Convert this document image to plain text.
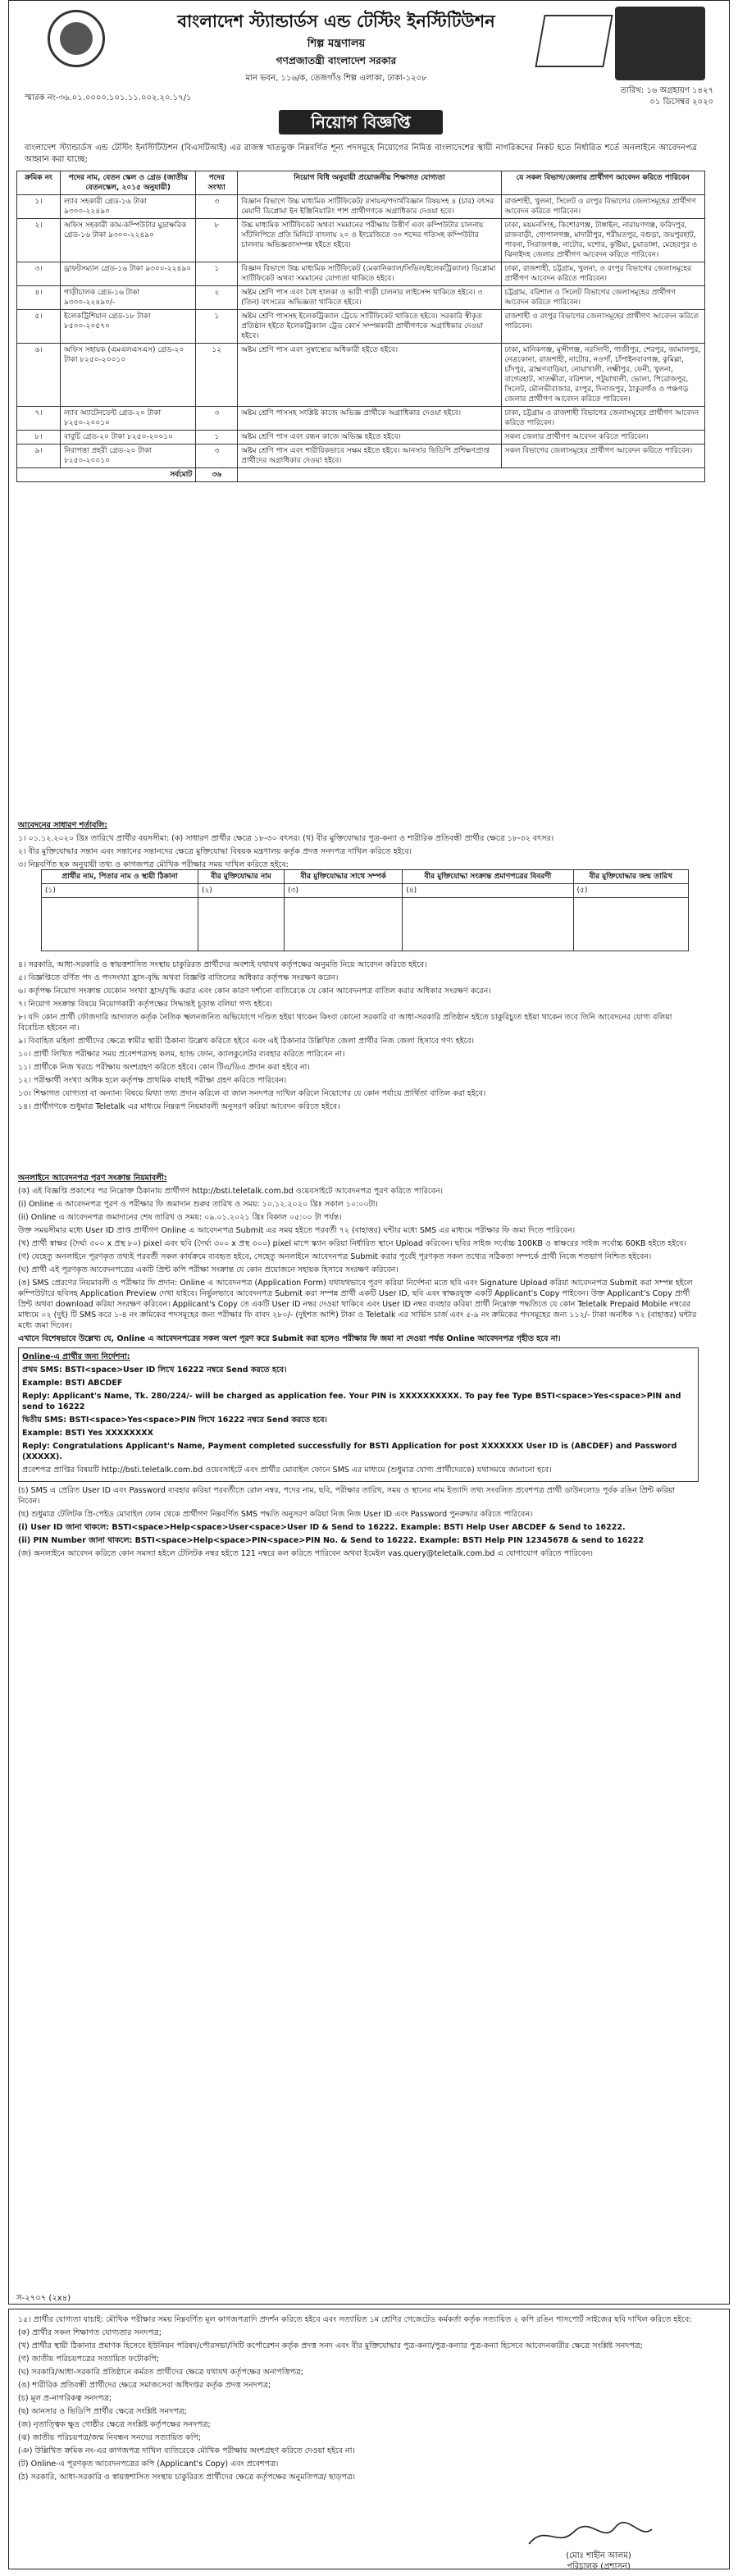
বাংলাদেশ স্ট্যান্ডার্ডস এন্ড টেস্টিং ইনস্টিটিউশন
শিল্প মন্ত্রণালয়
গণপ্রজাতন্ত্রী বাংলাদেশ সরকার
মান ভবন, ১১৬/ক, তেজগাঁও শিল্প এলাকা, ঢাকা-১২০৮
স্মারক নং-৩৬.০১.০০০০.১০১.১১.০০২.২০.১৭/১
তারিখ: ১৬ অগ্রহায়ণ ১৪২৭
০১ ডিসেম্বর ২০২০
নিয়োগ বিজ্ঞপ্তি
বাংলাদেশ স্ট্যান্ডার্ডস এন্ড টেস্টিং ইনস্টিটিউশন (বিএসটিআই) এর রাজস্ব খাতভুক্ত নিম্নবর্ণিত শূন্য পদসমূহে নিয়োগের নিমিত্ত বাংলাদেশের স্থায়ী নাগরিকদের নিকট হতে নির্ধারিত শর্তে অনলাইনে আবেদনপত্র আহ্বান করা যাচ্ছে:
ক্রমিক নং	পদের নাম, বেতন স্কেল ও গ্রেড (জাতীয় বেতনস্কেল, ২০১৫ অনুযায়ী)	পদের সংখ্যা	নিয়োগ বিধি অনুযায়ী প্রয়োজনীয় শিক্ষাগত যোগ্যতা	যে সকল বিভাগ/জেলার প্রার্থীগণ আবেদন করিতে পারিবেন
১।	ল্যাব সহকারী গ্রেড-১৬ টাকা ৯৩০০-২২৪৯০	৩	বিজ্ঞান বিভাগে উচ্চ মাধ্যমিক সার্টিফিকেট/ রসায়ন/পদার্থবিজ্ঞান বিষয়সহ ৪ (চার) বৎসর মেয়াদী ডিপ্লোমা ইন ইঞ্জিনিয়ারিং পাশ প্রার্থীগণকে অগ্রাধিকার দেওয়া হবে।	রাজশাহী, খুলনা, সিলেট ও রংপুর বিভাগের জেলাসমূহের প্রার্থীগণ আবেদন করিতে পারিবেন।
২।	অফিস সহকারী কাম-কম্পিউটার মুদ্রাক্ষরিক গ্রেড-১৬ টাকা ৯৩০০-২২৪৯০	৮	উচ্চ মাধ্যমিক সার্টিফিকেট অথবা সমমানের পরীক্ষায় উত্তীর্ণ এবং কম্পিউটার চালনায় সাঁটলিপিতে প্রতি মিনিটে বাংলায় ২০ ও ইংরেজিতে ৩০ শব্দের গতিসহ কম্পিউটার চালনায় অভিজ্ঞতাসম্পন্ন হইতে হইবে।	ঢাকা, ময়মনসিংহ, কিশোরগঞ্জ, টাঙ্গাইল, নারায়ণগঞ্জ, ফরিদপুর, রাজবাড়ী, গোপালগঞ্জ, মাদারীপুর, শরীয়তপুর, বগুড়া, জয়পুরহাট, পাবনা, সিরাজগঞ্জ, নাটোর, যশোর, কুষ্টিয়া, চুয়াডাঙ্গা, মেহেরপুর ও ঝিনাইদহ জেলার প্রার্থীগণ আবেদন করিতে পারিবেন।
৩।	ড্রাফটসম্যান গ্রেড-১৬ টাকা ৯৩০০-২২৪৯০	১	বিজ্ঞান বিভাগে উচ্চ মাধ্যমিক সার্টিফিকেট (মেকানিক্যাল/সিভিল/ইলেকট্রিক্যাল) ডিপ্লোমা সার্টিফিকেট অথবা সমমানের যোগ্যতা থাকিতে হইবে।	ঢাকা, রাজশাহী, চট্টগ্রাম, খুলনা, ও রংপুর বিভাগের জেলাসমূহের প্রার্থীগণ আবেদন করিতে পারিবেন।
৪।	গাড়ীচালক গ্রেড-১৬ টাকা ৯৩০০-২২৪৯০/-	২	অষ্টম শ্রেণি পাস এবং বৈধ হালকা ও ভারী গাড়ী চালনার লাইসেন্স থাকিতে হইবে। ৩ (তিন) বৎসরের অভিজ্ঞতা থাকিতে হইবে।	চট্টগ্রাম, বরিশাল ও সিলেট বিভাগের জেলাসমূহের প্রার্থীগণ আবেদন করিতে পারিবেন।
৫।	ইলেকট্রিশিয়ান গ্রেড-১৮ টাকা ৮৫০০-২০৫৭০	১	অষ্টম শ্রেণি পাসসহ ইলেকট্রিক্যাল ট্রেডে সার্টিফিকেট থাকিতে হইবে। সরকারি স্বীকৃত প্রতিষ্ঠান হইতে ইলেকট্রিক্যাল ট্রেড কোর্স সম্পন্নকারী প্রার্থীগণকে অগ্রাধিকার দেওয়া হইবে।	রাজশাহী ও রংপুর বিভাগের জেলাসমূহের প্রার্থীগণ আবেদন করিতে পারিবেন।
৬।	অফিস সহায়ক (এমএলএসএস) গ্রেড-২০ টাকা ৮২৫০-২০০১০	১২	অষ্টম শ্রেণি পাস এবং সুস্বাস্থ্যের অধিকারী হইতে হইবে।	ঢাকা, মানিকগঞ্জ, মুন্সীগঞ্জ, নরসিংদী, গাজীপুর, শেরপুর, জামালপুর, নেত্রকোনা, রাজশাহী, নাটোর, নওগাঁ, চাঁপাইনবাবগঞ্জ, কুমিল্লা, চাঁদপুর, ব্রাহ্মণবাড়িয়া, নোয়াখালী, লক্ষ্মীপুর, ফেনী, খুলনা, বাগেরহাট, সাতক্ষীরা, বরিশাল, পটুয়াখালী, ভোলা, পিরোজপুর, সিলেট, মৌলভীবাজার, রংপুর, দিনাজপুর, ঠাকুরগাঁও ও পঞ্চগড় জেলার প্রার্থীগণ আবেদন করিতে পারিবেন।
৭।	ল্যাব অ্যাটেনডেন্ট গ্রেড-২০ টাকা ৮২৫০-২০০১০	৩	অষ্টম শ্রেণি পাসসহ সংশ্লিষ্ট কাজে অভিজ্ঞ প্রার্থীকে অগ্রাধিকার দেওয়া হইবে।	ঢাকা, চট্টগ্রাম ও রাজশাহী বিভাগের জেলাসমূহের প্রার্থীগণ আবেদন করিতে পারিবেন।
৮।	বাবুর্চি গ্রেড-২০ টাকা ৮২৫০-২০০১০	১	অষ্টম শ্রেণি পাস এবং রন্ধন কাজে অভিজ্ঞ হইতে হইবে।	সকল জেলার প্রার্থীগণ আবেদন করিতে পারিবেন।
৯।	নিরাপত্তা প্রহরী গ্রেড-২০ টাকা ৮২৫০-২০০১০	৩	অষ্টম শ্রেণি পাস এবং শারীরিকভাবে সক্ষম হইতে হইবে। আনসার ভিডিপি প্রশিক্ষণপ্রাপ্ত প্রার্থীদের অগ্রাধিকার দেওয়া হইবে।	সকল বিভাগের জেলাসমূহের প্রার্থীগণ আবেদন করিতে পারিবেন।
সর্বমোট		৩৬		

আবেদনের সাধারণ শর্তাবলি:

১। ০১.১২.২০২০ খ্রিঃ তারিখে প্রার্থীর বয়সসীমা: (ক) সাধারণ প্রার্থীর ক্ষেত্রে ১৮-৩০ বৎসর। (খ) বীর মুক্তিযোদ্ধার পুত্র-কন্যা ও শারীরিক প্রতিবন্ধী প্রার্থীর ক্ষেত্রে ১৮-৩২ বৎসর।

২। বীর মুক্তিযোদ্ধার সন্তান এবং সন্তানের সন্তানদের ক্ষেত্রে মুক্তিযোদ্ধা বিষয়ক মন্ত্রণালয় কর্তৃক প্রদত্ত সনদপত্র দাখিল করিতে হইবে।

৩। নিম্নবর্ণিত ছক অনুযায়ী তথ্য ও কাগজপত্র মৌখিক পরীক্ষার সময় দাখিল করিতে হইবে:

প্রার্থীর নাম, পিতার নাম ও স্থায়ী ঠিকানা	বীর মুক্তিযোদ্ধার নাম	বীর মুক্তিযোদ্ধার সাথে সম্পর্ক	বীর মুক্তিযোদ্ধা সংক্রান্ত প্রমাণপত্রের বিবরণী	বীর মুক্তিযোদ্ধার জন্ম তারিখ
(১)	(২)	(৩)	(৪)	(৫)

৪। সরকারি, আধা-সরকারি ও স্বায়ত্তশাসিত সংস্থায় চাকুরিরত প্রার্থীদের অবশ্যই যথাযথ কর্তৃপক্ষের অনুমতি নিয়ে আবেদন করিতে হইবে।

৫। বিজ্ঞপ্তিতে বর্ণিত পদ ও পদসংখ্যা হ্রাস-বৃদ্ধি অথবা বিজ্ঞপ্তি বাতিলের অধিকার কর্তৃপক্ষ সংরক্ষণ করেন।

৬। কর্তৃপক্ষ নিয়োগ সংক্রান্ত যেকোন সংখ্যা হ্রাস/বৃদ্ধি করার এবং কোন কারণ দর্শানো ব্যতিরেকে যে কোন আবেদনপত্র বাতিল করার অধিকার সংরক্ষণ করেন।

৭। নিয়োগ সংক্রান্ত বিষয়ে নিয়োগকারী কর্তৃপক্ষের সিদ্ধান্তই চূড়ান্ত বলিয়া গণ্য হইবে।

৮। যদি কোন প্রার্থী ফৌজদারি আদালত কর্তৃক নৈতিক স্খলনজনিত অভিযোগে দণ্ডিত হইয়া থাকেন কিংবা কোনো সরকারি বা আধা-সরকারি প্রতিষ্ঠান হইতে চাকুরিচ্যুত হইয়া থাকেন তবে তিনি আবেদনের যোগ্য বলিয়া বিবেচিত হইবেন না।

৯। বিবাহিত মহিলা প্রার্থীদের ক্ষেত্রে স্বামীর স্থায়ী ঠিকানা উল্লেখ করিতে হইবে এবং এই ঠিকানার উল্লিখিত জেলা প্রার্থীর নিজ জেলা হিসাবে গণ্য হইবে।

১০। প্রার্থী লিখিত পরীক্ষার সময় প্রবেশপত্রসহ কলম, হ্যান্ড ফোন, ক্যালকুলেটর ব্যবহার করিতে পারিবেন না।

১১। প্রার্থীকে নিজ খরচে পরীক্ষায় অংশগ্রহণ করিতে হইবে। কোন টিএ/ডিএ প্রদান করা হইবে না।

১২। পরীক্ষার্থী সংখ্যা অধিক হলে কর্তৃপক্ষ প্রাথমিক বাছাই পরীক্ষা গ্রহণ করিতে পারিবেন।

১৩। শিক্ষাগত যোগ্যতা বা অন্যান্য বিষয়ে মিথ্যা তথ্য প্রদান করিলে বা জাল সনদপত্র দাখিল করিলে নিয়োগের যে কোন পর্যায়ে প্রার্থিতা বাতিল করা হইবে।

১৪। প্রার্থীগণকে শুধুমাত্র Teletalk এর মাধ্যমে নিম্নরূপ নিয়মাবলী অনুসরণ করিয়া আবেদন করিতে হইবে।

অনলাইনে আবেদনপত্র পূরণ সংক্রান্ত নিয়মাবলী:

(ক) এই বিজ্ঞপ্তি প্রকাশের পর নিম্নোক্ত ঠিকানায় প্রার্থীগণ http://bsti.teletalk.com.bd ওয়েবসাইটে আবেদনপত্র পূরণ করিতে পারিবেন।

(i) Online এ আবেদনপত্র পূরণ ও পরীক্ষার ফি জমাদান শুরুর তারিখ ও সময়: ১০.১২.২০২০ খ্রিঃ সকাল ১০:০০টা।

(ii) Online এ আবেদনপত্র জমাদানের শেষ তারিখ ও সময়: ০৯.০১.২০২১ খ্রিঃ বিকাল ০৫:০০ টা পর্যন্ত।

উক্ত সময়সীমার মধ্যে User ID প্রাপ্ত প্রার্থীগণ Online এ আবেদনপত্র Submit এর সময় হইতে পরবর্তী ৭২ (বাহাত্তর) ঘন্টার মধ্যে SMS এর মাধ্যমে পরীক্ষার ফি জমা দিতে পারিবেন।

(খ) প্রার্থী স্বাক্ষর (দৈর্ঘ্য ৩০০ x প্রস্থ ৮০) pixel এবং ছবি (দৈর্ঘ্য ৩০০ x প্রস্থ ৩০০) pixel মাপে স্ক্যান করিয়া নির্ধারিত স্থানে Upload করিবেন। ছবির সাইজ সর্বোচ্চ 100KB ও স্বাক্ষরের সাইজ সর্বোচ্চ 60KB হইতে হইবে।

(গ) যেহেতু অনলাইনে পূরণকৃত তথ্যই পরবর্তী সকল কার্যক্রমে ব্যবহৃত হইবে, সেহেতু অনলাইনে আবেদনপত্র Submit করার পূর্বেই পূরণকৃত সকল তথ্যের সঠিকতা সম্পর্কে প্রার্থী নিজে শতভাগ নিশ্চিত হইবেন।

(ঘ) প্রার্থী এই পূরণকৃত আবেদনপত্রের একটি প্রিন্ট কপি পরীক্ষা সংক্রান্ত যে কোন প্রয়োজনে সহায়ক হিসাবে সংরক্ষণ করিবেন।

(ঙ) SMS প্রেরণের নিয়মাবলী ও পরীক্ষার ফি প্রদান: Online এ আবেদনপত্র (Application Form) যথাযথভাবে পূরণ করিয়া নির্দেশনা মতে ছবি এবং Signature Upload করিয়া আবেদনপত্র Submit করা সম্পন্ন হইলে কম্পিউটারে ছবিসহ Application Preview দেখা যাইবে। নির্ভুলভাবে আবেদনপত্র Submit করা সম্পন্ন প্রার্থী একটি User ID, ছবি এবং স্বাক্ষরযুক্ত একটি Applicant's Copy পাইবেন। উক্ত Applicant's Copy প্রার্থী প্রিন্ট অথবা download করিয়া সংরক্ষণ করিবেন। Applicant's Copy তে একটি User ID নম্বর দেওয়া থাকিবে এবং User ID নম্বর ব্যবহার করিয়া প্রার্থী নিম্নোক্ত পদ্ধতিতে যে কোন Teletalk Prepaid Mobile নম্বরের মাধ্যমে ০২ (দুই) টি SMS করে ১-৪ নং ক্রমিকের পদসমূহের জন্য পরীক্ষার ফি বাবদ ২৮০/- (দুইশত আশি) টাকা ও Teletalk এর সার্ভিস চার্জ এবং ৫-৯ নং ক্রমিকের পদসমূহের জন্য ১১২/- টাকা অনধিক ৭২ (বাহাত্তর) ঘন্টার মধ্যে জমা দিবেন।

এখানে বিশেষভাবে উল্লেখ্য যে, Online এ আবেদনপত্রের সকল অংশ পূরণ করে Submit করা হলেও পরীক্ষার ফি জমা না দেওয়া পর্যন্ত Online আবেদনপত্র গৃহীত হবে না।

Online-এ প্রার্থীর জন্য নির্দেশনা:

প্রথম SMS: BSTI<space>User ID লিখে 16222 নম্বরে Send করতে হবে।

Example: BSTI ABCDEF

Reply: Applicant's Name, Tk. 280/224/- will be charged as application fee. Your PIN is XXXXXXXXXX. To pay fee Type BSTI<space>Yes<space>PIN and send to 16222

দ্বিতীয় SMS: BSTI<space>Yes<space>PIN লিখে 16222 নম্বরে Send করতে হবে।

Example: BSTI Yes XXXXXXXX

Reply: Congratulations Applicant's Name, Payment completed successfully for BSTI Application for post XXXXXXX User ID is (ABCDEF) and Password (XXXXX).

প্রবেশপত্র প্রাপ্তির বিষয়টি http://bsti.teletalk.com.bd ওয়েবসাইটে এবং প্রার্থীর মোবাইল ফোনে SMS এর মাধ্যমে (শুধুমাত্র যোগ্য প্রার্থীদেরকে) যথাসময়ে জানানো হবে।

(চ) SMS এ প্রেরিত User ID এবং Password ব্যবহার করিয়া পরবর্তীতে রোল নম্বর, পদের নাম, ছবি, পরীক্ষার তারিখ, সময় ও স্থানের নাম ইত্যাদি তথ্য সংবলিত প্রবেশপত্র প্রার্থী ডাউনলোড পূর্বক রঙিন প্রিন্ট করিয়া নিবেন।

(ছ) শুধুমাত্র টেলিটক প্রি-পেইড মোবাইল ফোন থেকে প্রার্থীগণ নিম্নবর্ণিত SMS পদ্ধতি অনুসরণ করিয়া নিজ নিজ User ID এবং Password পুনরুদ্ধার করিতে পারিবেন।

(i) User ID জানা থাকলে: BSTI<space>Help<space>User<space>User ID & Send to 16222. Example: BSTI Help User ABCDEF & Send to 16222.

(ii) PIN Number জানা থাকলে: BSTI<space>Help<space>PIN<space>PIN No. & Send to 16222. Example: BSTI Help PIN 12345678 & send to 16222

(জ) অনলাইনে আবেদন করিতে কোন সমস্যা হইলে টেলিটক নম্বর হইতে 121 নম্বরে কল করিতে পারিবেন অথবা ইমেইল vas.query@teletalk.com.bd এ যোগাযোগ করিতে পারিবেন।

স-২৭০৭ (২x৪)

১৫। প্রার্থীর যোগ্যতা যাচাই: মৌখিক পরীক্ষার সময় নিম্নবর্ণিত মূল কাগজপত্রাদি প্রদর্শন করিতে হইবে এবং সত্যায়িত ১ম শ্রেণির গেজেটেড কর্মকর্তা কর্তৃক সত্যায়িত ২ কপি রঙিন পাসপোর্ট সাইজের ছবি দাখিল করিতে হইবে:

(ক) প্রার্থীর সকল শিক্ষাগত যোগ্যতার সনদপত্র;

(খ) প্রার্থীর স্থায়ী ঠিকানার প্রমাণক হিসেবে ইউনিয়ন পরিষদ/পৌরসভা/সিটি কর্পোরেশন কর্তৃক প্রদত্ত সনদ এবং বীর মুক্তিযোদ্ধার পুত্র-কন্যা/পুত্র-কন্যার পুত্র-কন্যা হিসেবে আবেদনকারীর ক্ষেত্রে সংশ্লিষ্ট সনদপত্র;

(গ) জাতীয় পরিচয়পত্রের সত্যায়িত ফটোকপি;

(ঘ) সরকারি/আধা-সরকারি প্রতিষ্ঠানে কর্মরত প্রার্থীদের ক্ষেত্রে যথাযথ কর্তৃপক্ষের অনাপত্তিপত্র;

(ঙ) শারীরিক প্রতিবন্ধী প্রার্থীদের ক্ষেত্রে সমাজসেবা অধিদপ্তর কর্তৃক প্রদত্ত সনদপত্র;

(চ) মূল প্র-নাগরিকত্ব সনদপত্র;

(ছ) আনসার ও ভিডিপি প্রার্থীর ক্ষেত্রে সংশ্লিষ্ট সনদপত্র;

(জ) নৃতাত্ত্বিক ক্ষুদ্র গোষ্ঠীর ক্ষেত্রে সংশ্লিষ্ট কর্তৃপক্ষের সনদপত্র;

(ঝ) জাতীয় পরিচয়পত্র/জন্ম নিবন্ধন সনদের সত্যায়িত কপি;

(ঞ) উল্লিখিত ক্রমিক নং-এর কাগজপত্র দাখিল ব্যতিরেকে মৌখিক পরীক্ষায় অংশগ্রহণ করিতে দেওয়া হইবে না।

(ট) Online-এ পূরণকৃত আবেদনপত্রের কপি (Applicant's Copy) এবং প্রবেশপত্র।

(ঠ) সরকারি, আধা-সরকারি ও স্বায়ত্তশাসিত সংস্থায় চাকুরিরত প্রার্থীদের ক্ষেত্রে কর্তৃপক্ষের অনুমতিপত্র/ ছাড়পত্র।

(মোঃ শাহীন আলম)
পরিচালক (প্রশাসন)
